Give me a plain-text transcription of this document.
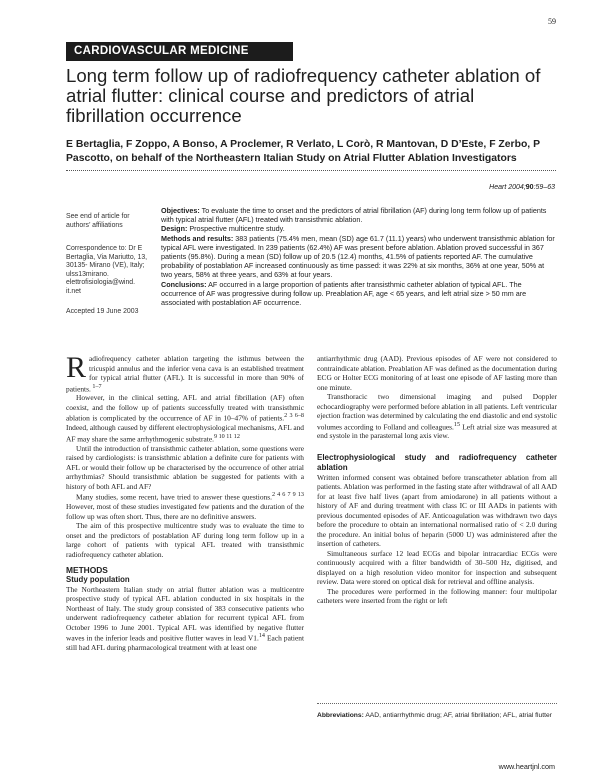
59
CARDIOVASCULAR MEDICINE
Long term follow up of radiofrequency catheter ablation of atrial flutter: clinical course and predictors of atrial fibrillation occurrence
E Bertaglia, F Zoppo, A Bonso, A Proclemer, R Verlato, L Corò, R Mantovan, D D’Este, F Zerbo, P Pascotto, on behalf of the Northeastern Italian Study on Atrial Flutter Ablation Investigators
Heart 2004;90:59–63
See end of article for authors’ affiliations
Correspondence to: Dr E Bertaglia, Via Mariutto, 13, 30135- Mirano (VE), Italy; ulss13mirano. elettrofisiologia@wind. it.net
Accepted 19 June 2003

Objectives: To evaluate the time to onset and the predictors of atrial fibrillation (AF) during long term follow up of patients with typical atrial flutter (AFL) treated with transisthmic ablation.

Design: Prospective multicentre study.

Methods and results: 383 patients (75.4% men, mean (SD) age 61.7 (11.1) years) who underwent transisthmic ablation for typical AFL were investigated. In 239 patients (62.4%) AF was present before ablation. Ablation proved successful in 367 patients (95.8%). During a mean (SD) follow up of 20.5 (12.4) months, 41.5% of patients reported AF. The cumulative probability of postablation AF increased continuously as time passed: it was 22% at six months, 36% at one year, 50% at two years, 58% at three years, and 63% at four years.

Conclusions: AF occurred in a large proportion of patients after transisthmic catheter ablation of typical AFL. The occurrence of AF was progressive during follow up. Preablation AF, age < 65 years, and left atrial size > 50 mm are associated with postablation AF occurrence.

Radiofrequency catheter ablation targeting the isthmus between the tricuspid annulus and the inferior vena cava is an established treatment for typical atrial flutter (AFL). It is successful in more than 90% of patients. $^{1-7}$

However, in the clinical setting, AFL and atrial fibrillation (AF) often coexist, and the follow up of patients successfully treated with transisthmic ablation is complicated by the occurrence of AF in 10–47% of patients.$^{2 3 6-8}$ Indeed, although caused by different electrophysiological mechanisms, AFL and AF may share the same arrhythmogenic substrate.$^{9 10 11 12}$

Until the introduction of transisthmic catheter ablation, some questions were raised by cardiologists: is transisthmic ablation a definite cure for patients with AFL or would their follow up be characterised by the occurrence of other atrial arrhythmias? Should transisthmic ablation be suggested for patients with a history of both AFL and AF?

Many studies, some recent, have tried to answer these questions.$^{2 4 6 7 9 13}$ However, most of these studies investigated few patients and the duration of the follow up was often short. Thus, there are no definitive answers.

The aim of this prospective multicentre study was to evaluate the time to onset and the predictors of postablation AF during long term follow up in a large cohort of patients with typical AFL treated with transisthmic radiofrequency catheter ablation.

METHODS
Study population

The Northeastern Italian study on atrial flutter ablation was a multicentre prospective study of typical AFL ablation conducted in six hospitals in the Northeast of Italy. The study group consisted of 383 consecutive patients who underwent radiofrequency catheter ablation for recurrent typical AFL from October 1996 to June 2001. Typical AFL was identified by negative flutter waves in the inferior leads and positive flutter waves in lead V1.14 Each patient still had AFL during pharmacological treatment with at least one

antiarrhythmic drug (AAD). Previous episodes of AF were not considered to contraindicate ablation. Preablation AF was defined as the documentation during ECG or Holter ECG monitoring of at least one episode of AF lasting more than one minute.

Transthoracic two dimensional imaging and pulsed Doppler echocardiography were performed before ablation in all patients. Left ventricular ejection fraction was determined by calculating the end diastolic and end systolic volumes according to Folland and colleagues.$^{15}$ Left atrial size was measured at end systole in the parasternal long axis view.

Electrophysiological study and radiofrequency catheter ablation

Written informed consent was obtained before transcatheter ablation from all patients. Ablation was performed in the fasting state after withdrawal of all AAD for at least five half lives (apart from amiodarone) in all patients without a history of AF and during treatment with class IC or III AADs in patients with previous documented episodes of AF. Anticoagulation was withdrawn two days before the procedure to obtain an international normalised ratio of < 2.0 during the procedure. An initial bolus of heparin (5000 U) was administered after the insertion of catheters.

Simultaneous surface 12 lead ECGs and bipolar intracardiac ECGs were continuously acquired with a filter bandwidth of 30–500 Hz, digitised, and displayed on a high resolution video monitor for inspection and subsequent review. Data were stored on optical disk for retrieval and offline analysis.

The procedures were performed in the following manner: four multipolar catheters were inserted from the right or left

Abbreviations: AAD, antiarrhythmic drug; AF, atrial fibrillation; AFL, atrial flutter
www.heartjnl.com
